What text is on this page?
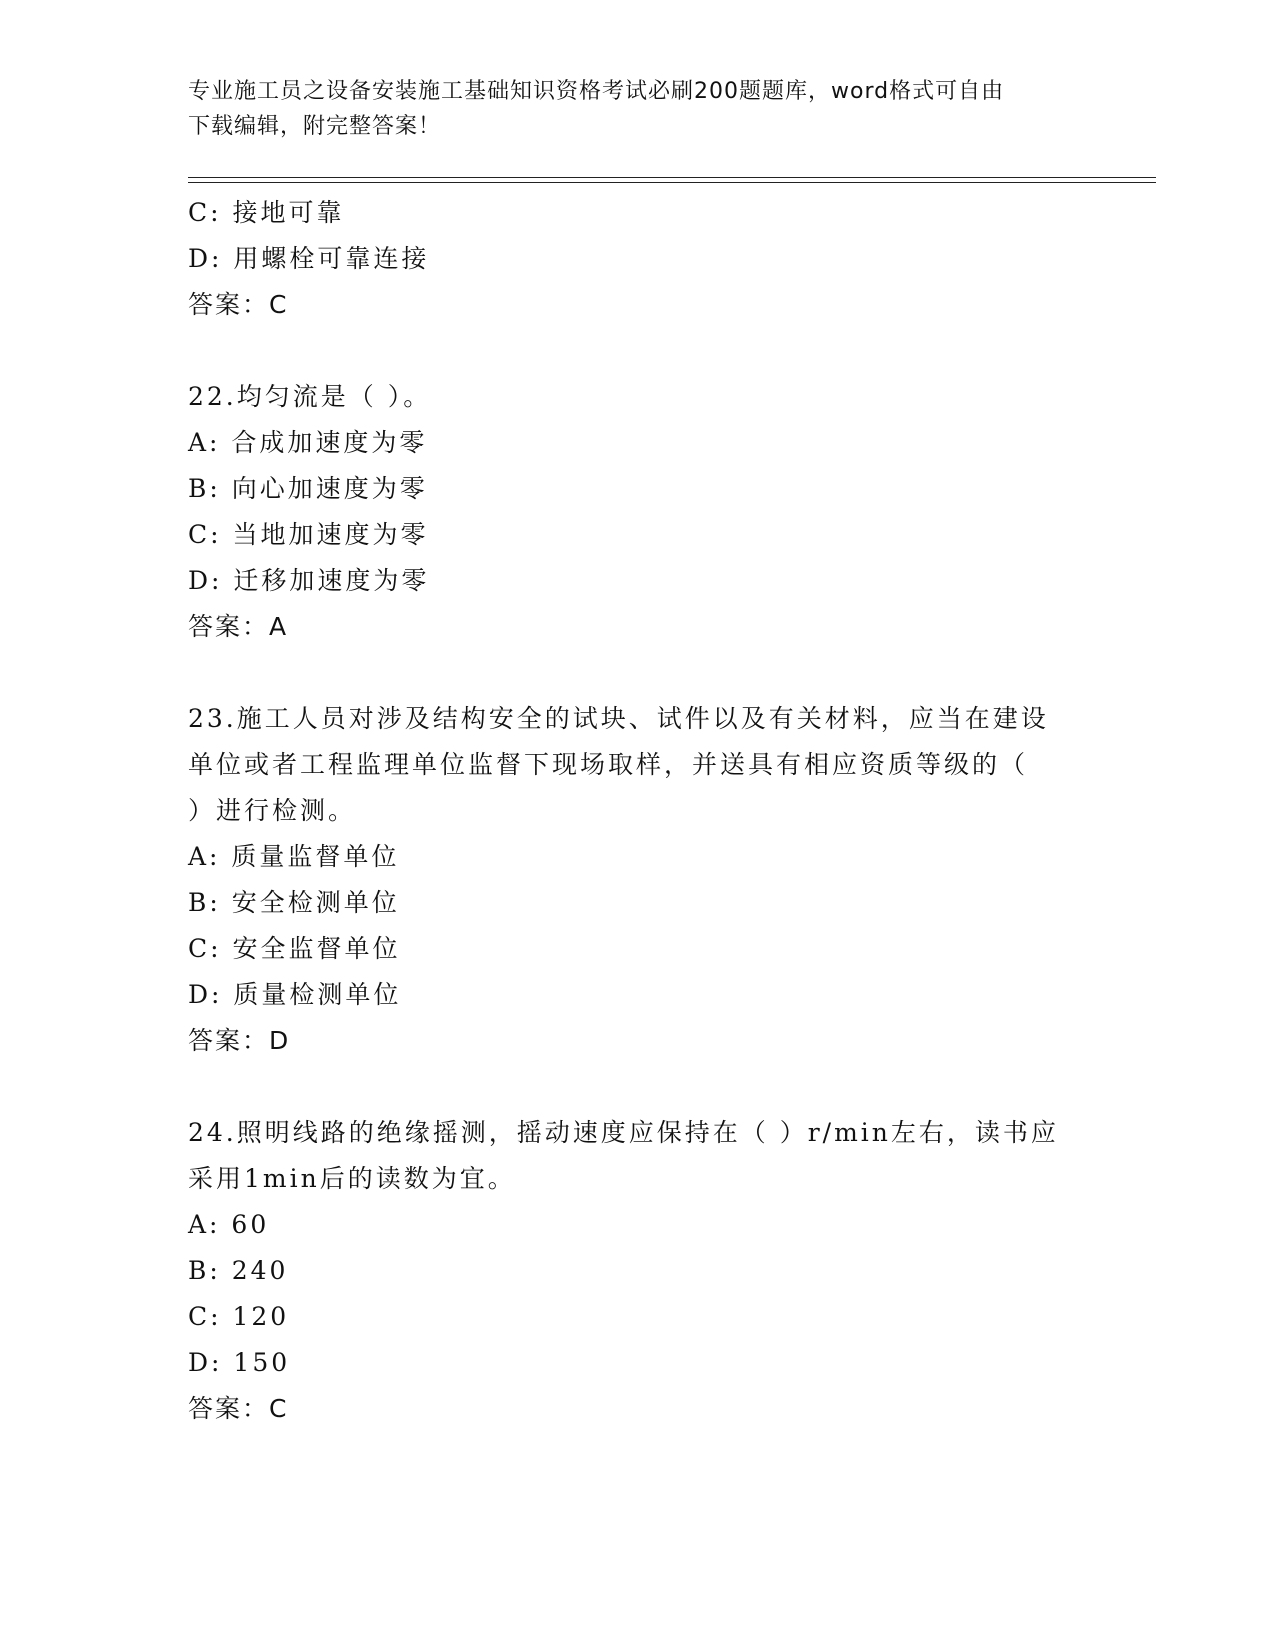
专业施工员之设备安装施工基础知识资格考试必刷200题题库，word格式可自由
下载编辑，附完整答案！
C: 接地可靠
D: 用螺栓可靠连接
答案：C
22.均匀流是（ ）。
A: 合成加速度为零
B: 向心加速度为零
C: 当地加速度为零
D: 迁移加速度为零
答案：A
23.施工人员对涉及结构安全的试块、试件以及有关材料，应当在建设
单位或者工程监理单位监督下现场取样，并送具有相应资质等级的（
）进行检测。
A: 质量监督单位
B: 安全检测单位
C: 安全监督单位
D: 质量检测单位
答案：D
24.照明线路的绝缘摇测，摇动速度应保持在（ ）r/min左右，读书应
采用1min后的读数为宜。
A: 60
B: 240
C: 120
D: 150
答案：C
